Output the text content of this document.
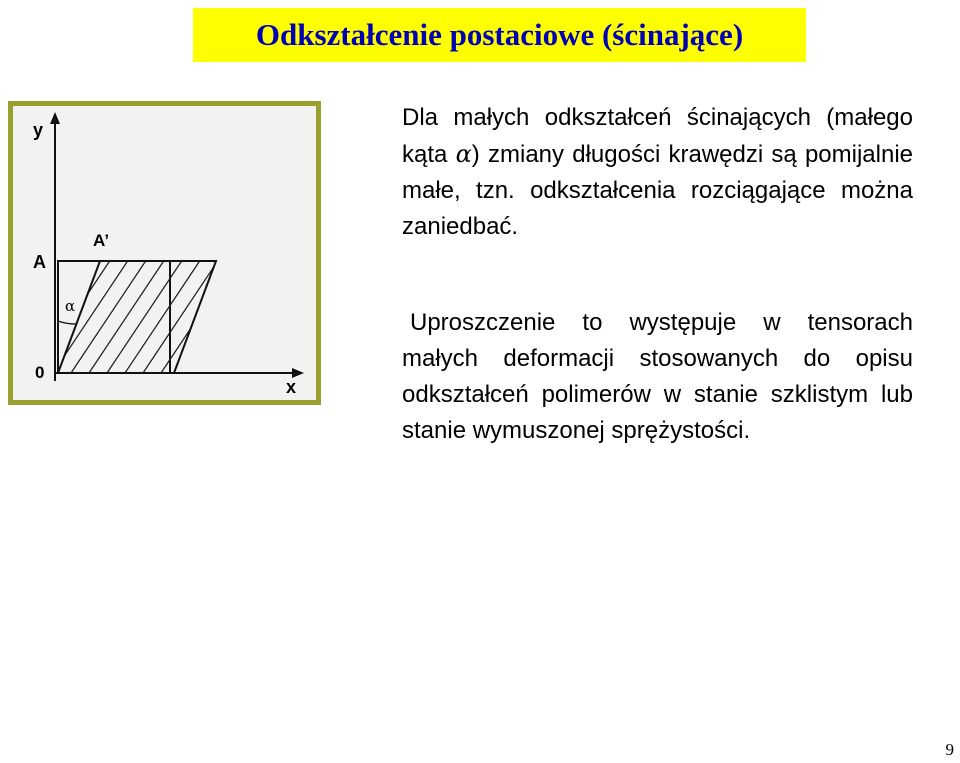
Odkształcenie postaciowe (ścinające)
y
x
A
A’
α
0

Dla małych odkształceń ścinających (małego kąta α) zmiany długości krawędzi są pomijalnie małe, tzn. odkształcenia rozciągające można zaniedbać.

Uproszczenie to występuje w tensorach małych deformacji stosowanych do opisu odkształceń polimerów w stanie szklistym lub stanie wymuszonej sprężystości.

9
